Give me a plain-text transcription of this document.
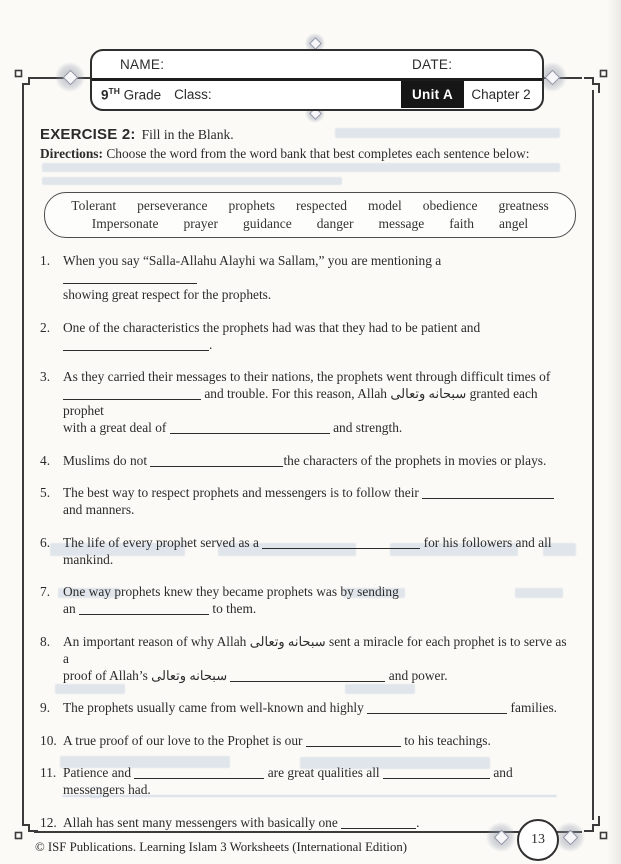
NAME:	DATE:
9TH Grade Class:	Unit A	Chapter 2
EXERCISE 2: Fill in the Blank.
Directions: Choose the word from the word bank that best completes each sentence below:
Tolerant perseverance prophets respected model obedience greatness
Impersonate prayer guidance danger message faith angel
1. When you say “Salla-Allahu Alayhi wa Sallam,” you are mentioning a
showing great respect for the prophets.
2. One of the characteristics the prophets had was that they had to be patient and
.
3. As they carried their messages to their nations, the prophets went through difficult times of
and trouble. For this reason, Allah سبحانه وتعالى granted each prophet
with a great deal of	and strength.
4. Muslims do not	the characters of the prophets in movies or plays.
5. The best way to respect prophets and messengers is to follow their
and manners.
6. The life of every prophet served as a	for his followers and all
mankind.
7. One way prophets knew they became prophets was by sending
an	to them.
8. An important reason of why Allah سبحانه وتعالى sent a miracle for each prophet is to serve as a
proof of Allah’s سبحانه وتعالى	and power.
9. The prophets usually came from well-known and highly	families.
10. A true proof of our love to the Prophet is our	to his teachings.
11. Patience and	are great qualities all	and messengers had.
12. Allah has sent many messengers with basically one	.
13
© ISF Publications. Learning Islam 3 Worksheets (International Edition)
